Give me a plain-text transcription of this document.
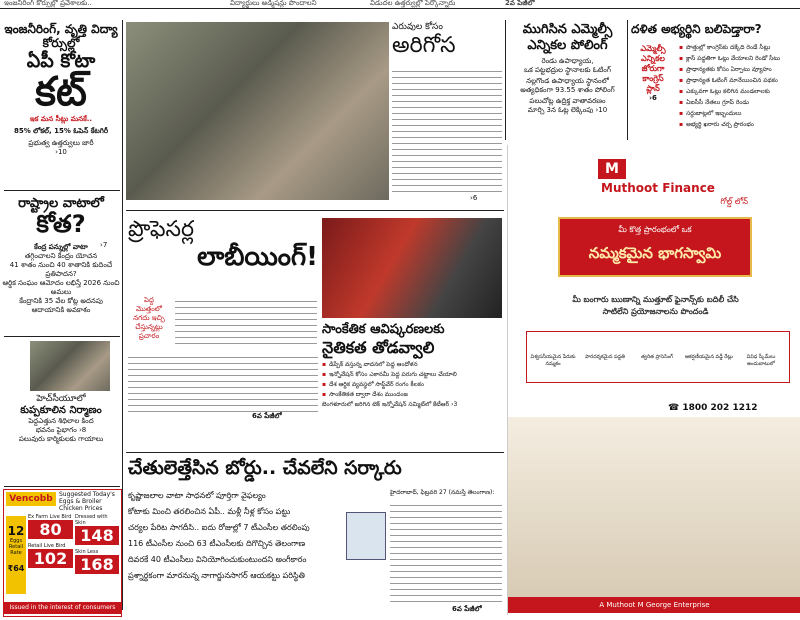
ఇంజనీరింగ్ కోర్సుల్లో ప్రవేశాలకు..	విద్యార్థులు అడ్మిషన్లు పొందాలని	విడుదల ఉత్తర్వుల్లో పేర్కొన్నారు	2వ పేజీలో
ఇంజనీరింగ్, వృత్తి విద్యా కోర్సుల్లో
ఏపీ కోటా
కట్
ఇక మన సీట్లు మనకే..
85% లోకల్, 15% ఓపెన్ కేటగిరీ
ప్రభుత్వ ఉత్తర్వులు జారీ
›10
రాష్ట్రాల వాటాలో
కోత?
›7
కేంద్ర పన్నుల్లో వాటా
తగ్గించాలని కేంద్రం యోచన
41 శాతం నుంచి 40 శాతానికి కుదించే ప్రతిపాదన?
ఆర్థిక సంఘం ఆమోదం లభిస్తే 2026 నుంచి అమలు
కేంద్రానికి 35 వేల కోట్ల అదనపు ఆదాయానికి అవకాశం
హెచ్‌సీయూలో
కుప్పకూలిన నిర్మాణం
పెద్దఎత్తున శిథిలాల కింద
భవనం పైభాగం ›8
పలువురు కార్మికులకు గాయాలు
Vencobb	Suggested Today's Eggs & Broiler Chicken Prices
12
Eggs Retail Rate
₹64
Ex Farm Live Bird
80
Retail Live Bird
102
Dressed with Skin
148
Skin Less
168
Issued in the interest of consumers
ఎరువుల కోసం
అరిగోస
›6
ముగిసిన ఎమ్మెల్సీ
ఎన్నికల పోలింగ్
రెండు ఉపాధ్యాయ,
ఒక పట్టభద్రుల స్థానాలకు ఓటింగ్
నల్లగొండ ఉపాధ్యాయ స్థానంలో అత్యధికంగా 93.55 శాతం పోలింగ్
పలుచోట్ల ఉద్రిక్త వాతావరణం
మార్చి 3న ఓట్ల లెక్కింపు ›10
దళిత అభ్యర్థిని బలిపెడ్తారా?
ఎమ్మెల్సీ
ఎన్నికల
జోరుగా
కాంగ్రెస్
ప్లాన్
›6
▪ పొత్తుల్లో కాంగ్రెస్‌కు దక్కేది రెండే సీట్లు
▪ క్లాస్ పద్ధతిగా ఓట్లు వేయాలని రెండో సీటు
▪ ప్రాధాన్యతకు కోసం ఏర్పాటు వ్యూహం
▪ ప్రాధాన్యత ఓటింగ్ మానేయించిన పథకం
▪ ఎక్కువగా ఓట్లు కలిగిన మండలాలకు
▪ ఏఐసీసీ నేతలు గ్రూప్ రెండు
▪ సర్దుబాట్లలో ఇబ్బందులు
▪ అభ్యర్థి ఖరారు చర్చ ప్రారంభం
ప్రొఫెసర్ల
లాబీయింగ్!
పెద్ద
మొత్తంలో
నగదు ఇచ్చి
చేస్తున్నట్లు
ప్రచారం
6వ పేజీలో
సాంకేతిక ఆవిష్కరణలకు
నైతికత తోడవ్వాలి
▪ డిప్ఫేక్‌ వస్తున్న వాదనలో పెద్ద ఆందోళన
▪ ఇన్నోవేషన్‌ కోసం ఎకానమీ పెద్ద పరుగు చట్టాలు చేయాలి
▪ దేశ ఆర్థిక వ్యవస్థలో సాఫ్ట్‌వేర్ రంగం కీలకం
▪ సాంకేతికత ద్వారా దేశం ముందంజ
బెంగళూరులో జరిగిన టెక్‌ ఇన్నోవేషన్‌ సమ్మిట్‌లో కేటీఆర్ ›3
చేతులెత్తేసిన బోర్డు.. చేవలేని సర్కారు
కృష్ణాజలాల వాటా సాధనలో పూర్తిగా వైఫల్యం
కోటాకు మించి తరలించిన ఏపీ.. మళ్లీ నీళ్ల కోసం పట్టు
చర్యల పేరిట సాగదీసి.. ఐదు రోజుల్లో 7 టీఎంసీల తరలింపు
116 టీఎంసీల నుంచి 63 టీఎంసీలకు దిగొచ్చిన తెలంగాణ
దివరకే 40 టీఎంసీలు వినియోగించుకుంటుందని అంగీకారం
ప్రశ్నార్థకంగా మారనున్న నాగార్జునసాగర్ ఆయకట్టు పరిస్థితి
హైదరాబాద్, ఫిబ్రవరి 27 (నమస్తే తెలంగాణ):
6వ పేజీలో
M
Muthoot Finance
గోల్డ్ లోన్
మీ కొత్త ప్రారంభంలో ఒక
నమ్మకమైన భాగస్వామి
మీ బంగారు ఋణాన్ని ముత్తూట్ ఫైనాన్స్‌కు బదిలీ చేసి
సాటిలేని ప్రయోజనాలను పొందండి
విశ్వసనీయమైన పేరుకు నమ్మకం
పారదర్శకమైన పద్ధతి	త్వరిత ప్రాసెసింగ్	ఆకర్షణీయమైన వడ్డీ రేట్లు	వివిధ స్కీమ్‌లు అందుబాటులో
☎ 1800 202 1212
A Muthoot M George Enterprise
